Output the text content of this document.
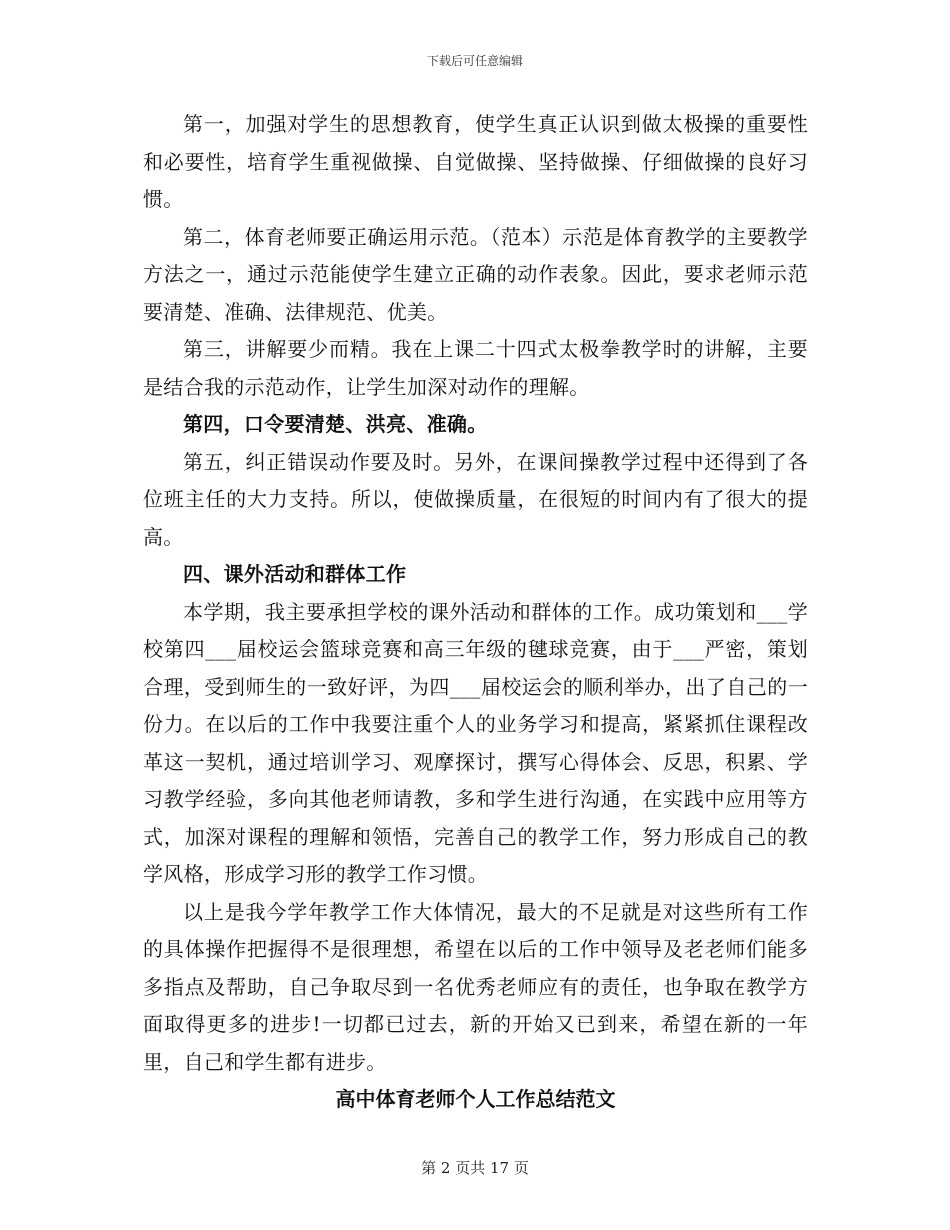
下载后可任意编辑

第一，加强对学生的思想教育，使学生真正认识到做太极操的重要性和必要性，培育学生重视做操、自觉做操、坚持做操、仔细做操的良好习惯。

第二，体育老师要正确运用示范。（范本）示范是体育教学的主要教学方法之一，通过示范能使学生建立正确的动作表象。因此，要求老师示范要清楚、准确、法律规范、优美。

第三，讲解要少而精。我在上课二十四式太极拳教学时的讲解，主要是结合我的示范动作，让学生加深对动作的理解。

第四，口令要清楚、洪亮、准确。

第五，纠正错误动作要及时。另外，在课间操教学过程中还得到了各位班主任的大力支持。所以，使做操质量，在很短的时间内有了很大的提高。

四、课外活动和群体工作

本学期，我主要承担学校的课外活动和群体的工作。成功策划和___学校第四___届校运会篮球竞赛和高三年级的毽球竞赛，由于___严密，策划合理，受到师生的一致好评，为四___届校运会的顺利举办，出了自己的一份力。在以后的工作中我要注重个人的业务学习和提高，紧紧抓住课程改革这一契机，通过培训学习、观摩探讨，撰写心得体会、反思，积累、学习教学经验，多向其他老师请教，多和学生进行沟通，在实践中应用等方式，加深对课程的理解和领悟，完善自己的教学工作，努力形成自己的教学风格，形成学习形的教学工作习惯。

以上是我今学年教学工作大体情况，最大的不足就是对这些所有工作的具体操作把握得不是很理想，希望在以后的工作中领导及老老师们能多多指点及帮助，自己争取尽到一名优秀老师应有的责任，也争取在教学方面取得更多的进步!一切都已过去，新的开始又已到来，希望在新的一年里，自己和学生都有进步。

高中体育老师个人工作总结范文

第 2 页共 17 页
